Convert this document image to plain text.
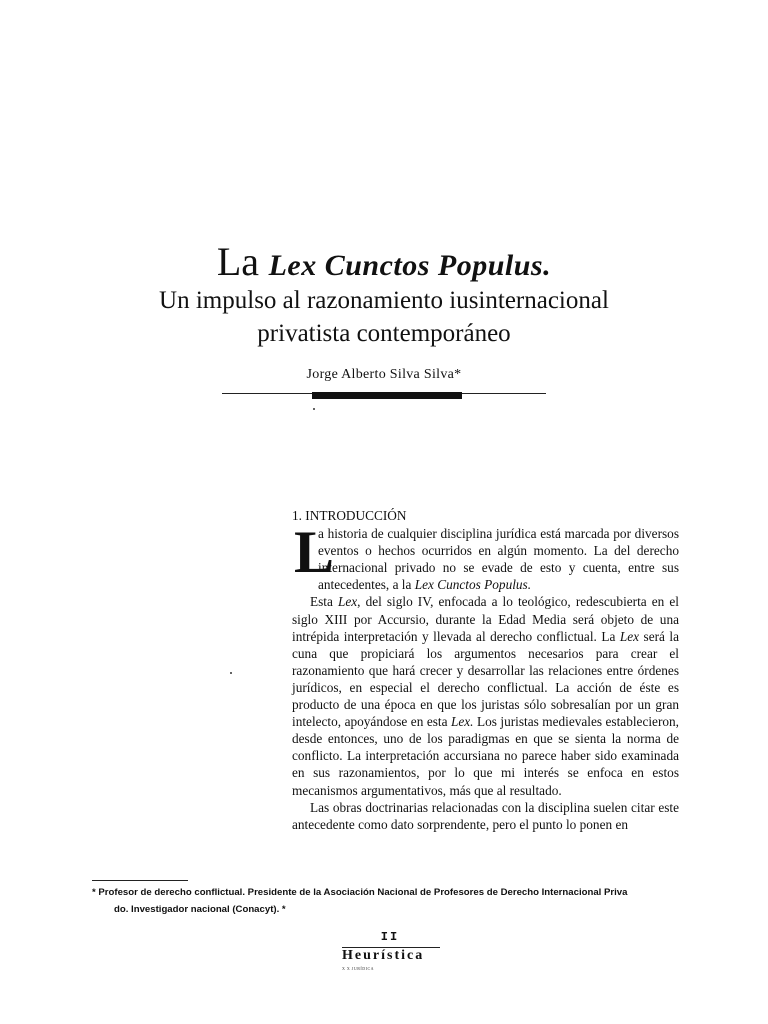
La Lex Cunctos Populus.
Un impulso al razonamiento iusinternacional
privatista contemporáneo
Jorge Alberto Silva Silva*
1. INTRODUCCIÓN

L
a historia de cualquier disciplina jurídica está marcada por diversos eventos o hechos ocurridos en algún momento. La del derecho internacional privado no se evade de esto y cuenta, entre sus antecedentes, a la Lex Cunctos Populus.

Esta Lex, del siglo IV, enfocada a lo teológico, redescubierta en el siglo XIII por Accursio, durante la Edad Media será objeto de una intrépida interpretación y llevada al derecho conflictual. La Lex será la cuna que propiciará los argumentos necesarios para crear el razonamiento que hará crecer y desarrollar las relaciones entre órdenes jurídicos, en especial el derecho conflictual. La acción de éste es producto de una época en que los juristas sólo sobresalían por un gran intelecto, apoyándose en esta Lex. Los juristas medievales establecieron, desde entonces, uno de los paradigmas en que se sienta la norma de conflicto. La interpretación accursiana no parece haber sido examinada en sus razonamientos, por lo que mi interés se enfoca en estos mecanismos argumentativos, más que al resultado.

Las obras doctrinarias relacionadas con la disciplina suelen citar este antecedente como dato sorprendente, pero el punto lo ponen en

* Profesor de derecho conflictual. Presidente de la Asociación Nacional de Profesores de Derecho Internacional Priva
do. Investigador nacional (Conacyt). *
II
Heurística
X X JURÍDICA
